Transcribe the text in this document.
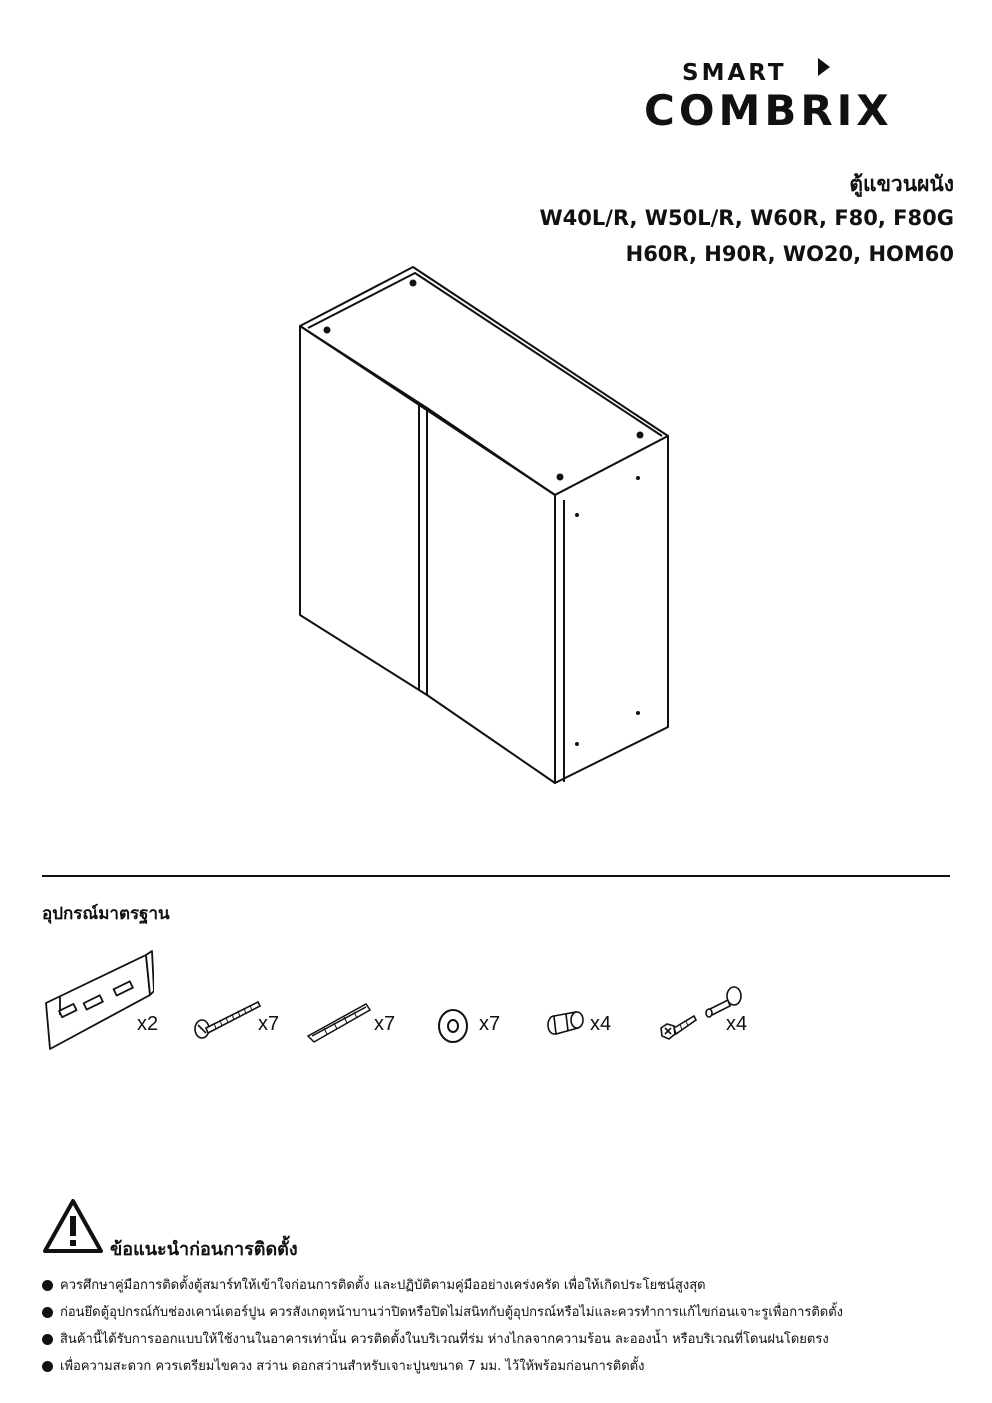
SMART
COMBRIX
ตู้แขวนผนัง
W40L/R, W50L/R, W60R, F80, F80G
H60R, H90R, WO20, HOM60
อุปกรณ์มาตรฐาน
x2	x7	x7	x7	x4	x4
ข้อแนะนำก่อนการติดตั้ง
ควรศึกษาคู่มือการติดตั้งตู้สมาร์ทให้เข้าใจก่อนการติดตั้ง และปฏิบัติตามคู่มืออย่างเคร่งครัด เพื่อให้เกิดประโยชน์สูงสุด
ก่อนยึดตู้อุปกรณ์กับช่องเคาน์เตอร์ปูน ควรสังเกตุหน้าบานว่าปิดหรือปิดไม่สนิทกับตู้อุปกรณ์หรือไม่และควรทำการแก้ไขก่อนเจาะรูเพื่อการติดตั้ง
สินค้านี้ได้รับการออกแบบให้ใช้งานในอาคารเท่านั้น ควรติดตั้งในบริเวณที่ร่ม ห่างไกลจากความร้อน ละอองน้ำ หรือบริเวณที่โดนฝนโดยตรง
เพื่อความสะดวก ควรเตรียมไขควง สว่าน ดอกสว่านสำหรับเจาะปูนขนาด 7 มม. ไว้ให้พร้อมก่อนการติดตั้ง
